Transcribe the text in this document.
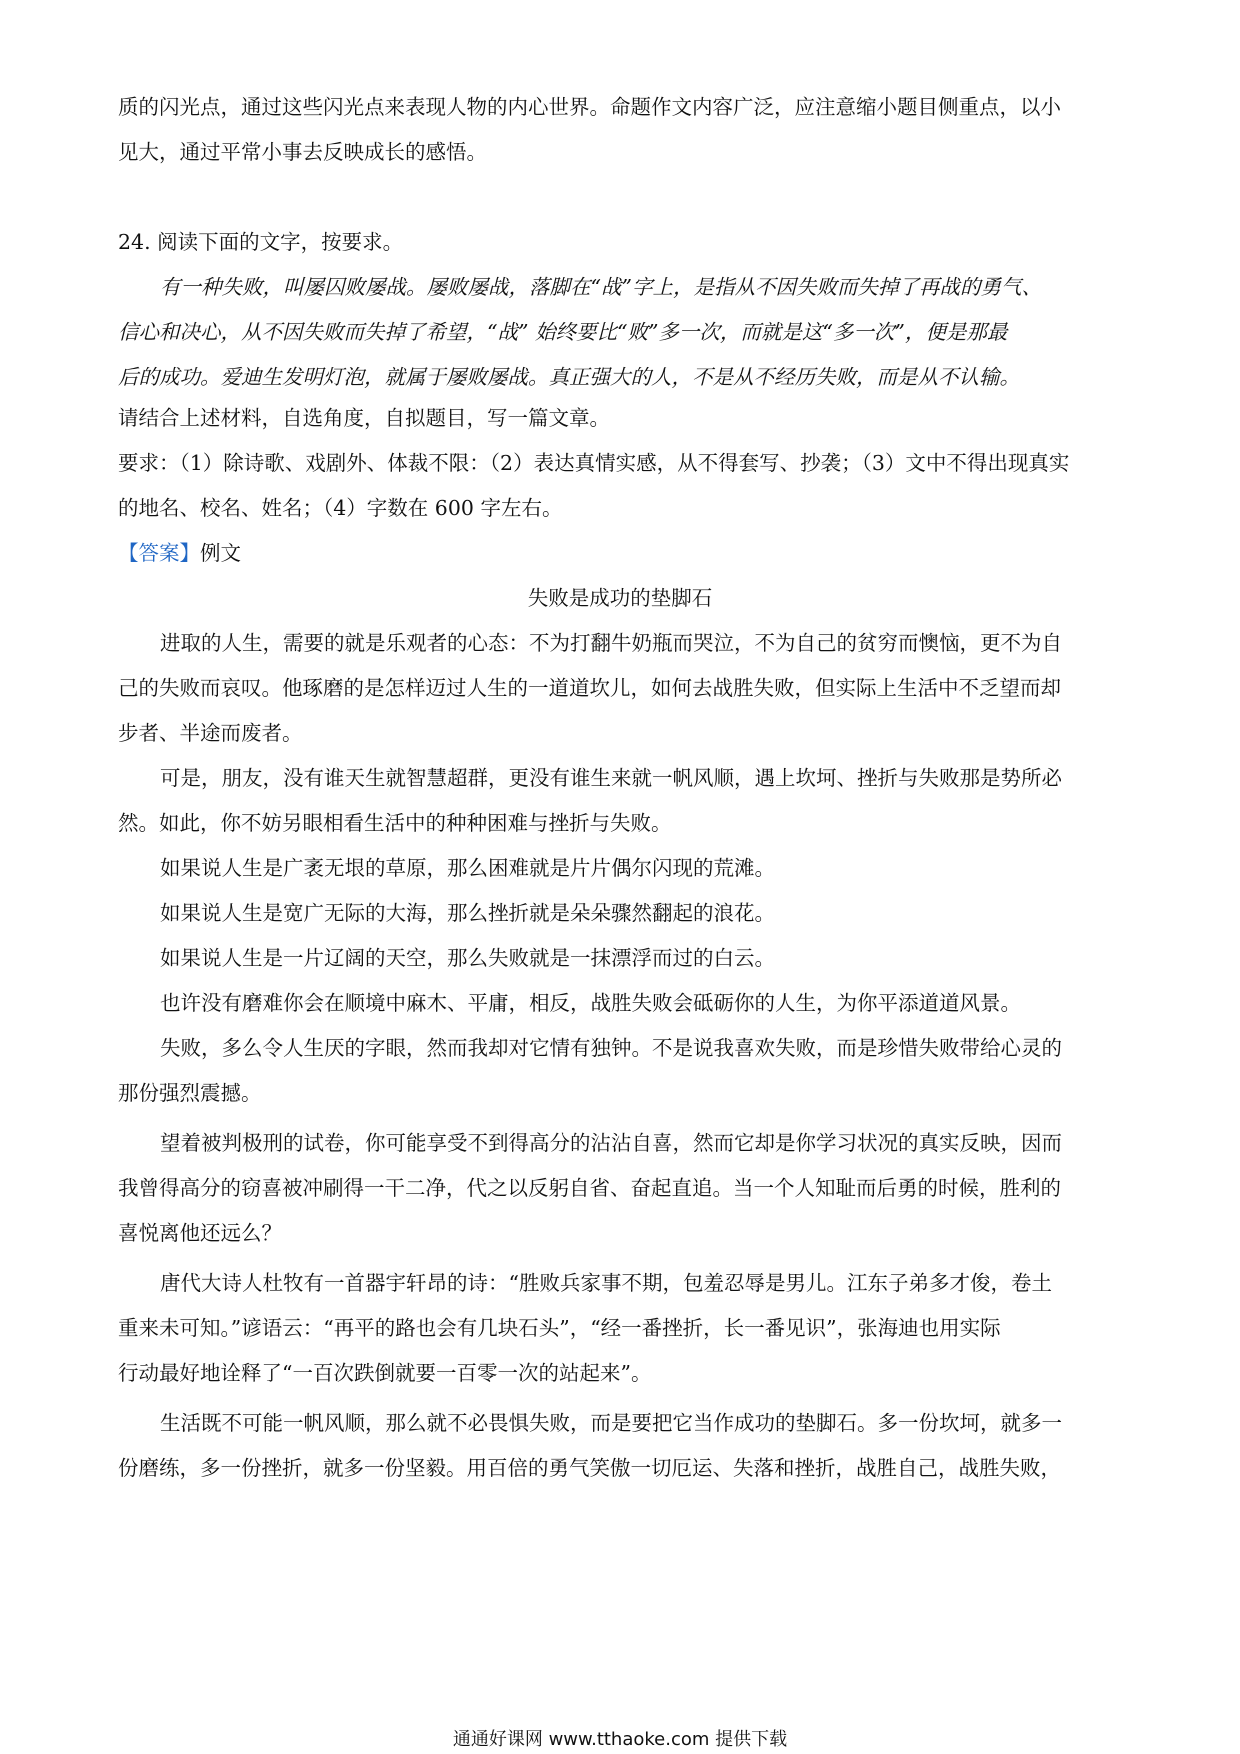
质的闪光点，通过这些闪光点来表现人物的内心世界。命题作文内容广泛，应注意缩小题目侧重点，以小
见大，通过平常小事去反映成长的感悟。
24. 阅读下面的文字，按要求。
有一种失败，叫屡囚败屡战。屡败屡战，落脚在“战”字上，是指从不因失败而失掉了再战的勇气、
信心和决心，从不因失败而失掉了希望，“战” 始终要比“败”多一次，而就是这“多一次”，便是那最
后的成功。爱迪生发明灯泡，就属于屡败屡战。真正强大的人，不是从不经历失败，而是从不认输。
请结合上述材料，自选角度，自拟题目，写一篇文章。
要求：（1）除诗歌、戏剧外、体裁不限：（2）表达真情实感，从不得套写、抄袭；（3）文中不得出现真实
的地名、校名、姓名；（4）字数在 600 字左右。
【答案】例文
失败是成功的垫脚石
进取的人生，需要的就是乐观者的心态：不为打翻牛奶瓶而哭泣，不为自己的贫穷而懊恼，更不为自
己的失败而哀叹。他琢磨的是怎样迈过人生的一道道坎儿，如何去战胜失败，但实际上生活中不乏望而却
步者、半途而废者。
可是，朋友，没有谁天生就智慧超群，更没有谁生来就一帆风顺，遇上坎坷、挫折与失败那是势所必
然。如此，你不妨另眼相看生活中的种种困难与挫折与失败。
如果说人生是广袤无垠的草原，那么困难就是片片偶尔闪现的荒滩。
如果说人生是宽广无际的大海，那么挫折就是朵朵骤然翻起的浪花。
如果说人生是一片辽阔的天空，那么失败就是一抹漂浮而过的白云。
也许没有磨难你会在顺境中麻木、平庸，相反，战胜失败会砥砺你的人生，为你平添道道风景。
失败，多么令人生厌的字眼，然而我却对它情有独钟。不是说我喜欢失败，而是珍惜失败带给心灵的
那份强烈震撼。
望着被判极刑的试卷，你可能享受不到得高分的沾沾自喜，然而它却是你学习状况的真实反映，因而
我曾得高分的窃喜被冲刷得一干二净，代之以反躬自省、奋起直追。当一个人知耻而后勇的时候，胜利的
喜悦离他还远么？
唐代大诗人杜牧有一首器宇轩昂的诗：“胜败兵家事不期，包羞忍辱是男儿。江东子弟多才俊，卷土
重来未可知。”谚语云：“再平的路也会有几块石头”，“经一番挫折，长一番见识”，张海迪也用实际
行动最好地诠释了“一百次跌倒就要一百零一次的站起来”。
生活既不可能一帆风顺，那么就不必畏惧失败，而是要把它当作成功的垫脚石。多一份坎坷，就多一
份磨练，多一份挫折，就多一份坚毅。用百倍的勇气笑傲一切厄运、失落和挫折，战胜自己，战胜失败，
通通好课网 www.tthaoke.com 提供下载
